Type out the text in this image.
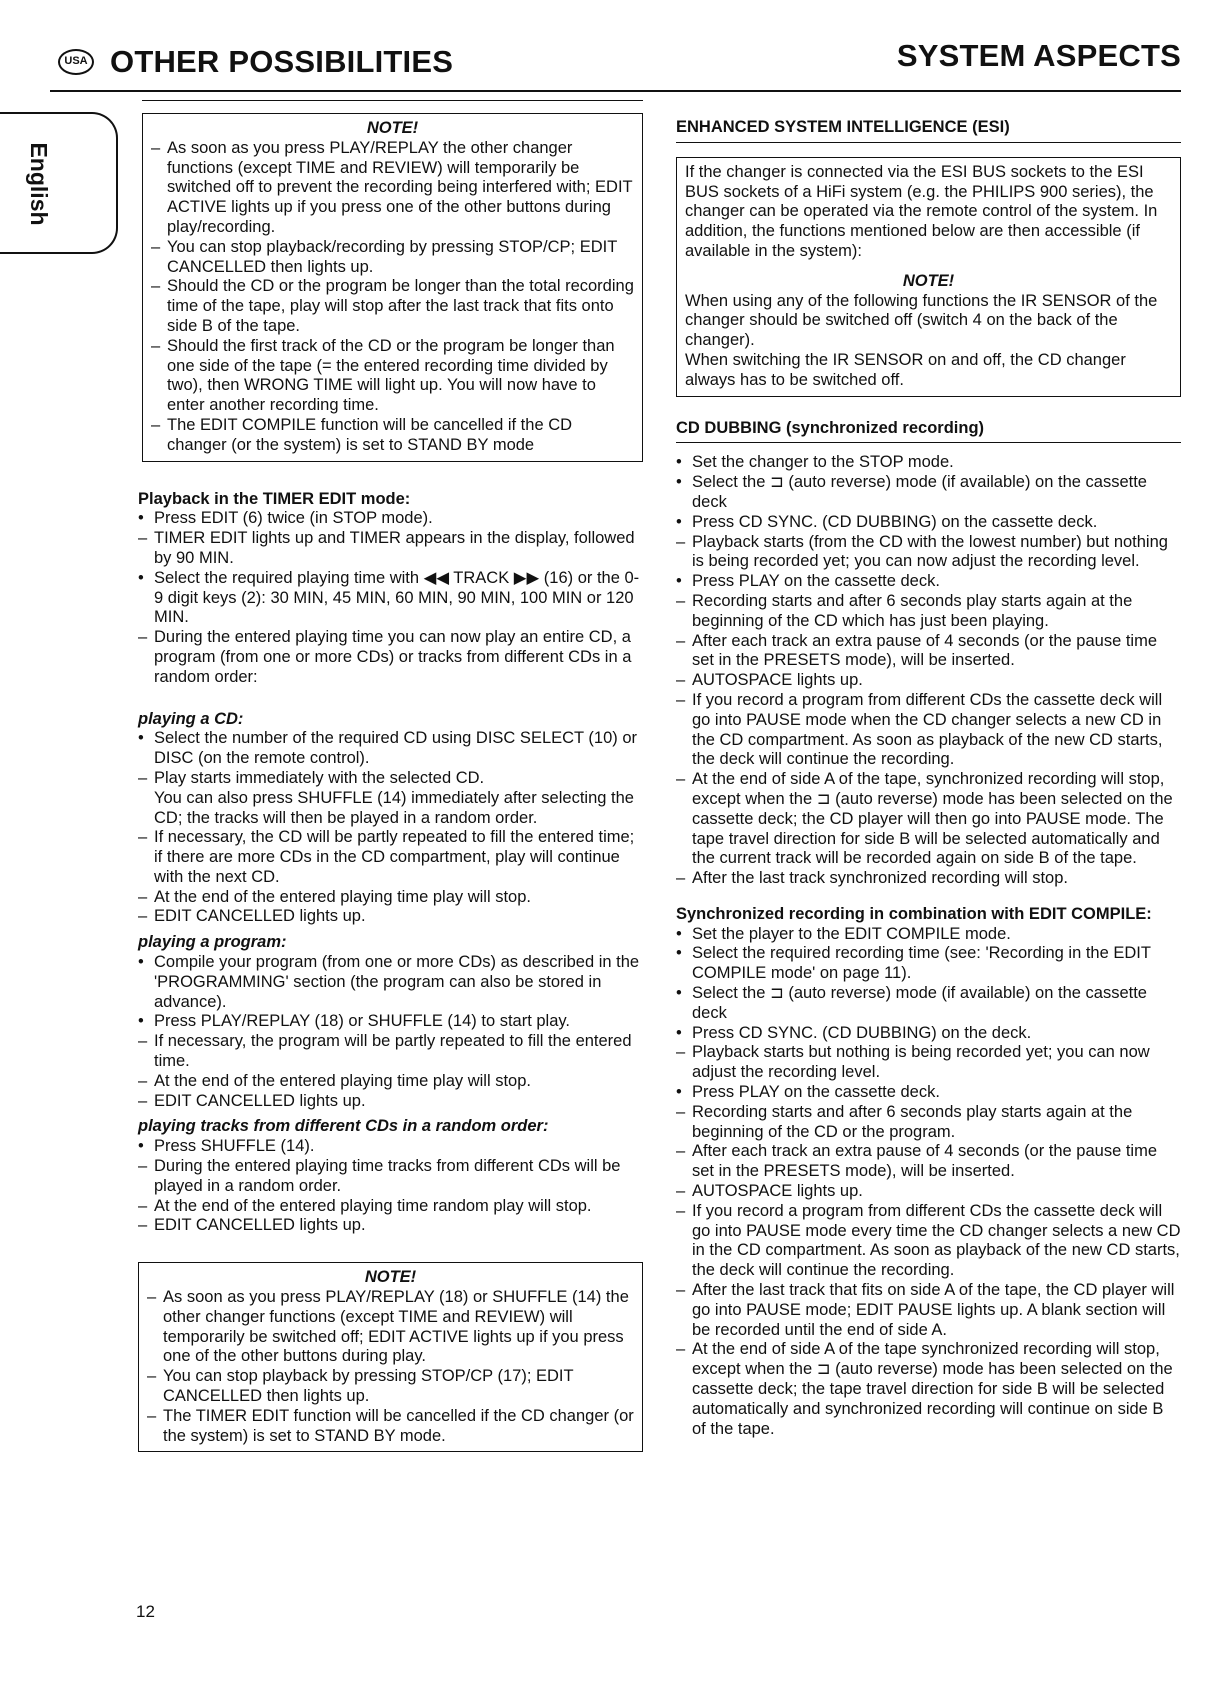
USA OTHER POSSIBILITIES	SYSTEM ASPECTS
English
NOTE!
– As soon as you press PLAY/REPLAY the other changer functions (except TIME and REVIEW) will temporarily be switched off to prevent the recording being interfered with; EDIT ACTIVE lights up if you press one of the other buttons during play/recording.
– You can stop playback/recording by pressing STOP/CP; EDIT CANCELLED then lights up.
– Should the CD or the program be longer than the total recording time of the tape, play will stop after the last track that fits onto side B of the tape.
– Should the first track of the CD or the program be longer than one side of the tape (= the entered recording time divided by two), then WRONG TIME will light up. You will now have to enter another recording time.
– The EDIT COMPILE function will be cancelled if the CD changer (or the system) is set to STAND BY mode
Playback in the TIMER EDIT mode:
• Press EDIT (6) twice (in STOP mode).
– TIMER EDIT lights up and TIMER appears in the display, followed by 90 MIN.
• Select the required playing time with ◀◀ TRACK ▶▶ (16) or the 0-9 digit keys (2): 30 MIN, 45 MIN, 60 MIN, 90 MIN, 100 MIN or 120 MIN.
– During the entered playing time you can now play an entire CD, a program (from one or more CDs) or tracks from different CDs in a random order:
playing a CD:
• Select the number of the required CD using DISC SELECT (10) or DISC (on the remote control).
– Play starts immediately with the selected CD.
You can also press SHUFFLE (14) immediately after selecting the CD; the tracks will then be played in a random order.
– If necessary, the CD will be partly repeated to fill the entered time; if there are more CDs in the CD compartment, play will continue with the next CD.
– At the end of the entered playing time play will stop.
– EDIT CANCELLED lights up.
playing a program:
• Compile your program (from one or more CDs) as described in the 'PROGRAMMING' section (the program can also be stored in advance).
• Press PLAY/REPLAY (18) or SHUFFLE (14) to start play.
– If necessary, the program will be partly repeated to fill the entered time.
– At the end of the entered playing time play will stop.
– EDIT CANCELLED lights up.
playing tracks from different CDs in a random order:
• Press SHUFFLE (14).
– During the entered playing time tracks from different CDs will be played in a random order.
– At the end of the entered playing time random play will stop.
– EDIT CANCELLED lights up.
NOTE!
– As soon as you press PLAY/REPLAY (18) or SHUFFLE (14) the other changer functions (except TIME and REVIEW) will temporarily be switched off; EDIT ACTIVE lights up if you press one of the other buttons during play.
– You can stop playback by pressing STOP/CP (17); EDIT CANCELLED then lights up.
– The TIMER EDIT function will be cancelled if the CD changer (or the system) is set to STAND BY mode.
ENHANCED SYSTEM INTELLIGENCE (ESI)
If the changer is connected via the ESI BUS sockets to the ESI BUS sockets of a HiFi system (e.g. the PHILIPS 900 series), the changer can be operated via the remote control of the system. In addition, the functions mentioned below are then accessible (if available in the system):
NOTE!
When using any of the following functions the IR SENSOR of the changer should be switched off (switch 4 on the back of the changer).
When switching the IR SENSOR on and off, the CD changer always has to be switched off.
CD DUBBING (synchronized recording)
• Set the changer to the STOP mode.
• Select the ⊐ (auto reverse) mode (if available) on the cassette deck
• Press CD SYNC. (CD DUBBING) on the cassette deck.
– Playback starts (from the CD with the lowest number) but nothing is being recorded yet; you can now adjust the recording level.
• Press PLAY on the cassette deck.
– Recording starts and after 6 seconds play starts again at the beginning of the CD which has just been playing.
– After each track an extra pause of 4 seconds (or the pause time set in the PRESETS mode), will be inserted.
– AUTOSPACE lights up.
– If you record a program from different CDs the cassette deck will go into PAUSE mode when the CD changer selects a new CD in the CD compartment. As soon as playback of the new CD starts, the deck will continue the recording.
– At the end of side A of the tape, synchronized recording will stop, except when the ⊐ (auto reverse) mode has been selected on the cassette deck; the CD player will then go into PAUSE mode. The tape travel direction for side B will be selected automatically and the current track will be recorded again on side B of the tape.
– After the last track synchronized recording will stop.
Synchronized recording in combination with EDIT COMPILE:
• Set the player to the EDIT COMPILE mode.
• Select the required recording time (see: 'Recording in the EDIT COMPILE mode' on page 11).
• Select the ⊐ (auto reverse) mode (if available) on the cassette deck
• Press CD SYNC. (CD DUBBING) on the deck.
– Playback starts but nothing is being recorded yet; you can now adjust the recording level.
• Press PLAY on the cassette deck.
– Recording starts and after 6 seconds play starts again at the beginning of the CD or the program.
– After each track an extra pause of 4 seconds (or the pause time set in the PRESETS mode), will be inserted.
– AUTOSPACE lights up.
– If you record a program from different CDs the cassette deck will go into PAUSE mode every time the CD changer selects a new CD in the CD compartment. As soon as playback of the new CD starts, the deck will continue the recording.
– After the last track that fits on side A of the tape, the CD player will go into PAUSE mode; EDIT PAUSE lights up. A blank section will be recorded until the end of side A.
– At the end of side A of the tape synchronized recording will stop, except when the ⊐ (auto reverse) mode has been selected on the cassette deck; the tape travel direction for side B will be selected automatically and synchronized recording will continue on side B of the tape.
12
